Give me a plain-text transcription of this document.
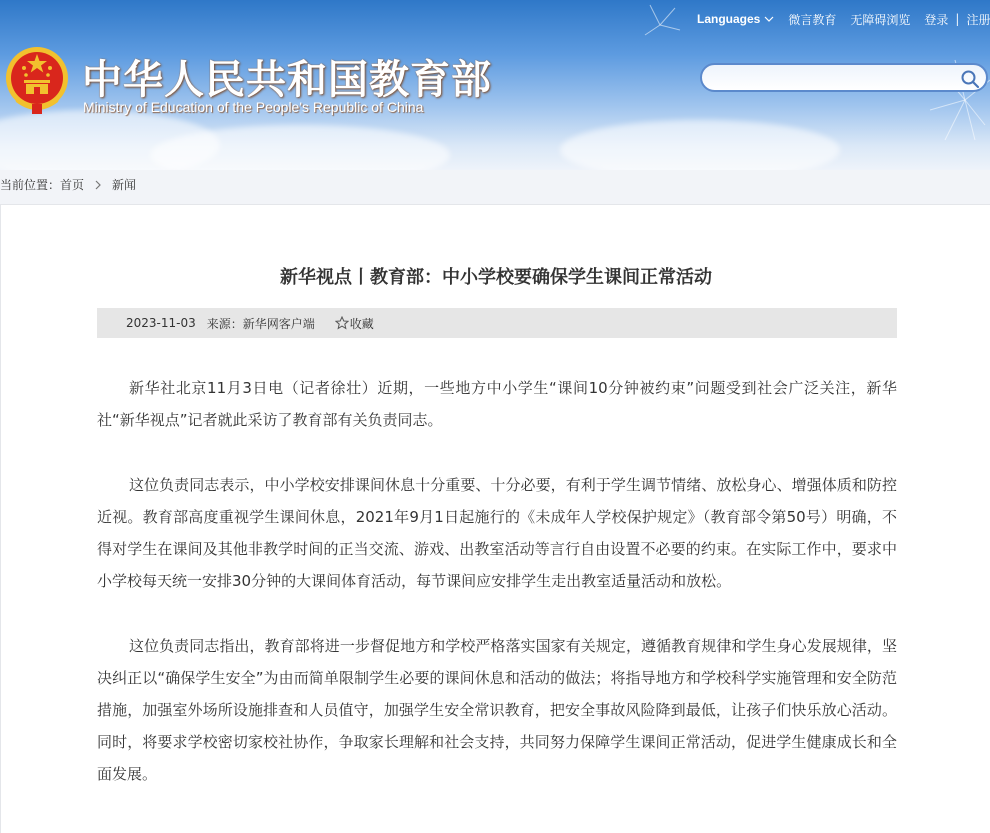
中华人民共和国教育部
Ministry of Education of the People's Republic of China
Languages 微言教育 无障碍浏览 登录 | 注册
当前位置： 首页 新闻
新华视点丨教育部：中小学校要确保学生课间正常活动
2023-11-03 来源：新华网客户端	收藏

新华社北京11月3日电（记者徐壮）近期，一些地方中小学生“课间10分钟被约束”问题受到社会广泛关注，新华社“新华视点”记者就此采访了教育部有关负责同志。

这位负责同志表示，中小学校安排课间休息十分重要、十分必要，有利于学生调节情绪、放松身心、增强体质和防控近视。教育部高度重视学生课间休息，2021年9月1日起施行的《未成年人学校保护规定》（教育部令第50号）明确，不得对学生在课间及其他非教学时间的正当交流、游戏、出教室活动等言行自由设置不必要的约束。在实际工作中，要求中小学校每天统一安排30分钟的大课间体育活动，每节课间应安排学生走出教室适量活动和放松。

这位负责同志指出，教育部将进一步督促地方和学校严格落实国家有关规定，遵循教育规律和学生身心发展规律，坚决纠正以“确保学生安全”为由而简单限制学生必要的课间休息和活动的做法；将指导地方和学校科学实施管理和安全防范措施，加强室外场所设施排查和人员值守，加强学生安全常识教育，把安全事故风险降到最低，让孩子们快乐放心活动。同时，将要求学校密切家校社协作，争取家长理解和社会支持，共同努力保障学生课间正常活动，促进学生健康成长和全面发展。
